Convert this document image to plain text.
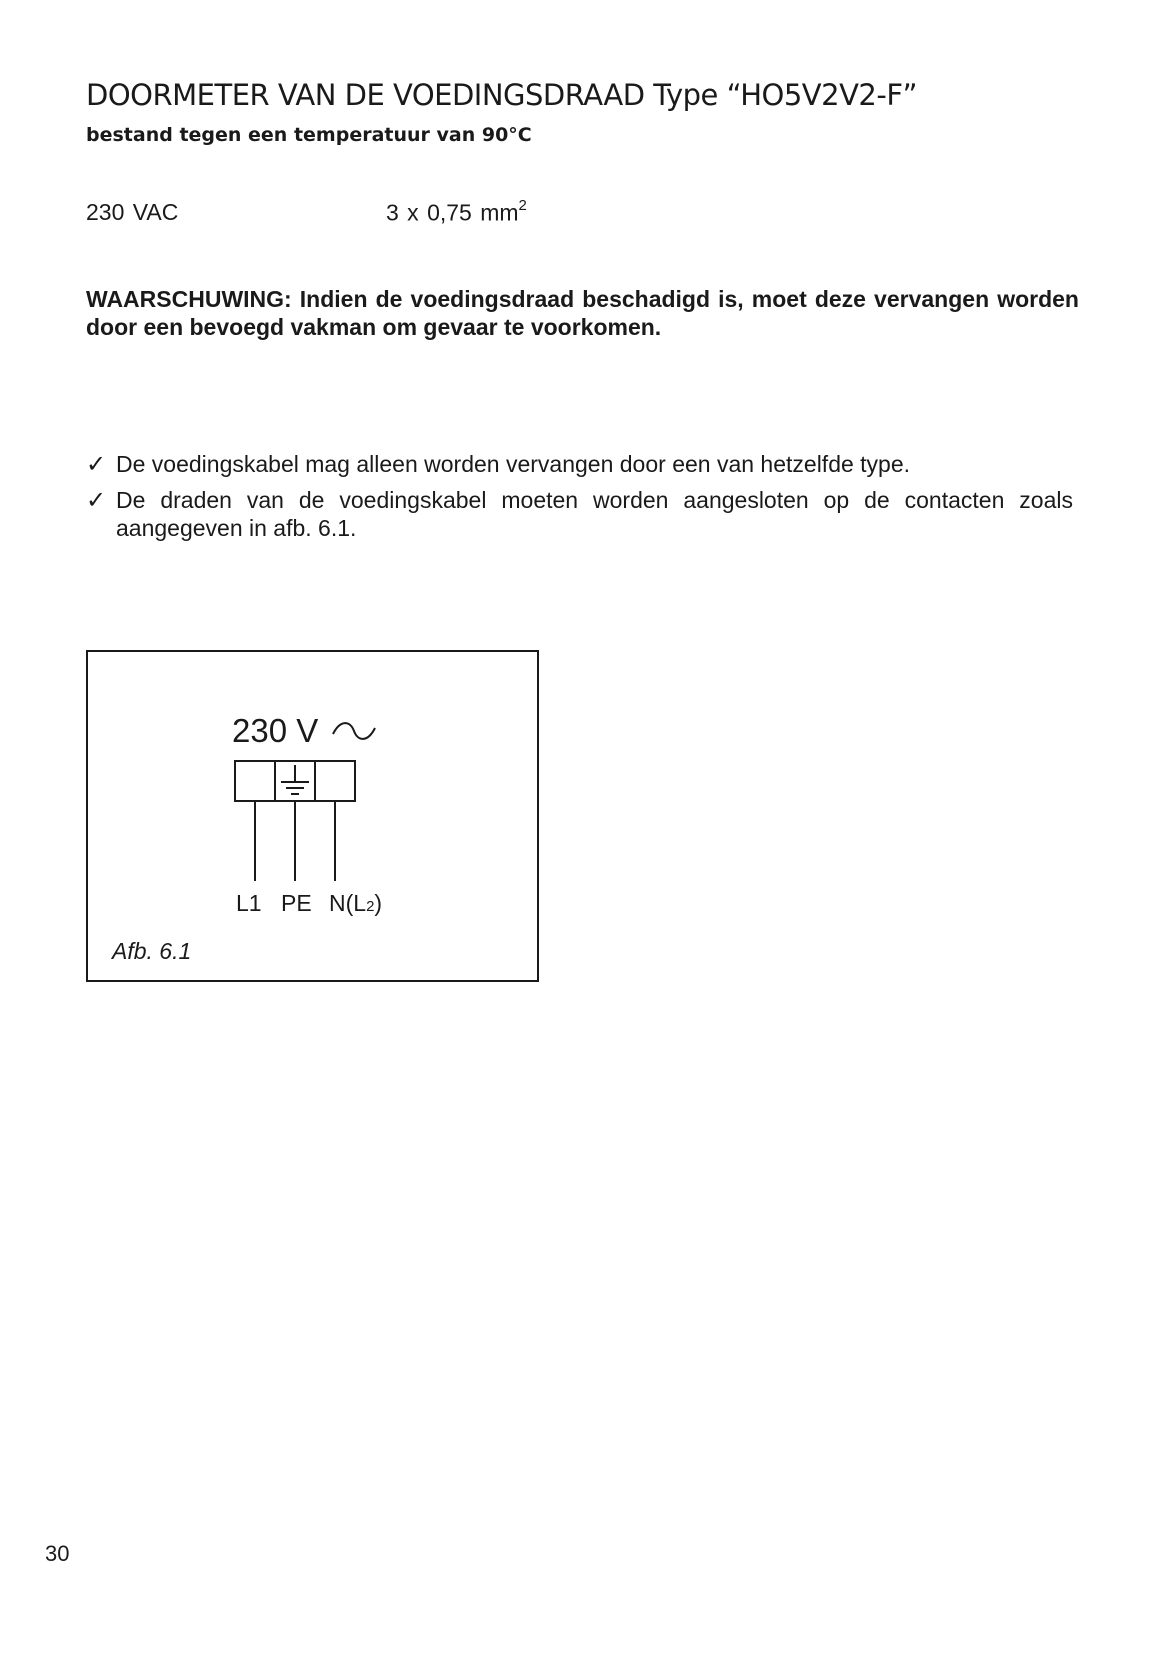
DOORMETER VAN DE VOEDINGSDRAAD Type “HO5V2V2-F”
bestand tegen een temperatuur van 90°C
230 VAC	3 x 0,75 $mm^2$
WAARSCHUWING: Indien de voedingsdraad beschadigd is, moet deze vervangen worden door een bevoegd vakman om gevaar te voorkomen.
✓ De voedingskabel mag alleen worden vervangen door een van hetzelfde type.
✓ De draden van de voedingskabel moeten worden aangesloten op de contacten zoals aangegeven in afb. 6.1.
230 V
L1 PE N(L2)
Afb. 6.1
30
